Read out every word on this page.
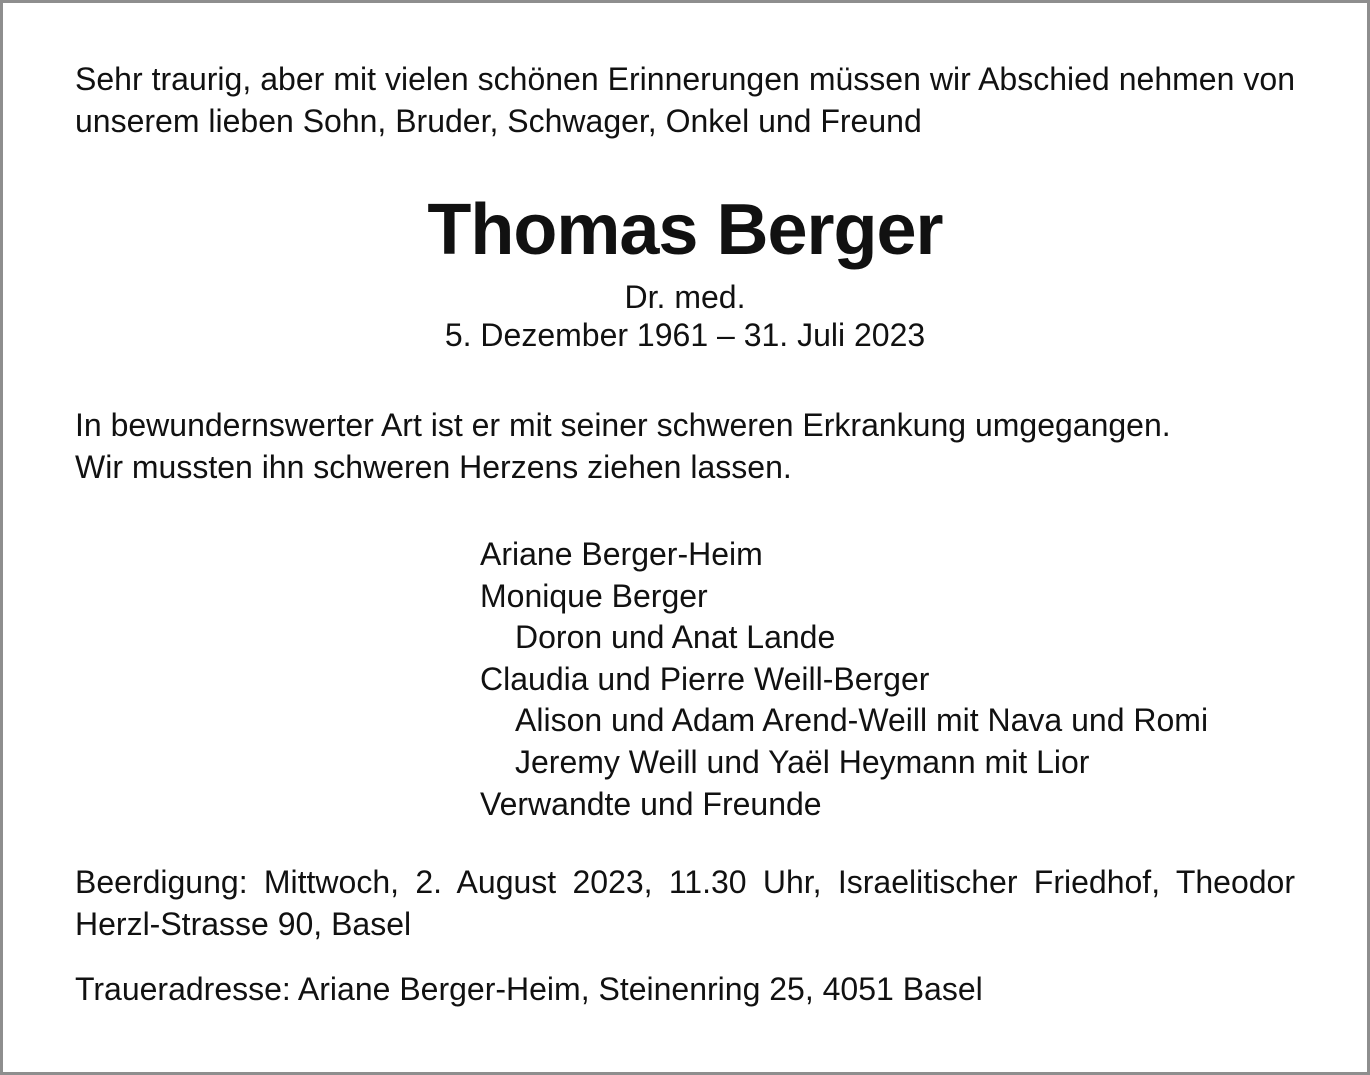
Sehr traurig, aber mit vielen schönen Erinnerungen müssen wir Abschied nehmen von unserem lieben Sohn, Bruder, Schwager, Onkel und Freund

Thomas Berger

Dr. med.

5. Dezember 1961 – 31. Juli 2023

In bewundernswerter Art ist er mit seiner schweren Erkrankung umgegangen.

Wir mussten ihn schweren Herzens ziehen lassen.

Ariane Berger-Heim
Monique Berger
Doron und Anat Lande
Claudia und Pierre Weill-Berger
Alison und Adam Arend-Weill mit Nava und Romi
Jeremy Weill und Yaël Heymann mit Lior
Verwandte und Freunde

Beerdigung: Mittwoch, 2. August 2023, 11.30 Uhr, Israelitischer Friedhof, Theodor Herzl-Strasse 90, Basel

Traueradresse: Ariane Berger-Heim, Steinenring 25, 4051 Basel
